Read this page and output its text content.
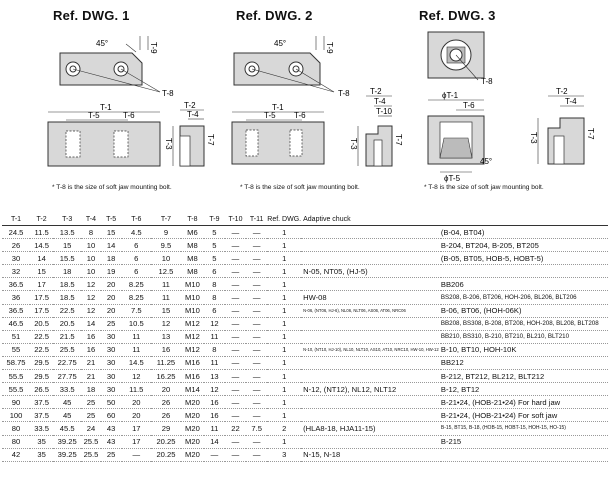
Ref. DWG. 1	Ref. DWG. 2	Ref. DWG. 3
45°	T-9
T-8
T-1
T-5	T-6
T-2
T-4
T-3	T-7
* T-8 is the size of soft jaw mounting bolt.
45°	T-9
T-8
T-1
T-5 T-6
T-2
T-4
T-10
T-3	T-7
* T-8 is the size of soft jaw mounting bolt.
T-8
ϕT-1
T-6
ϕT-5
45°
T-2
T-4
T-3	T-7
* T-8 is the size of soft jaw mounting bolt.
T-1	T-2	T-3	T-4	T-5	T-6	T-7	T-8	T-9	T-10	T-11	Ref. DWG.	Adaptive chuck	
24.5	11.5	13.5	8	15	4.5	9	M6	5	—	—	1		(B-04, BT04)
26	14.5	15	10	14	6	9.5	M8	5	—	—	1		B-204, BT204, B-205, BT205
30	14	15.5	10	18	6	10	M8	5	—	—	1		(B-05, BT05, HOB-5, HOBT-5)
32	15	18	10	19	6	12.5	M8	6	—	—	1	N-05, NT05, (HJ-5)	
36.5	17	18.5	12	20	8.25	11	M10	8	—	—	1		BB206
36	17.5	18.5	12	20	8.25	11	M10	8	—	—	1	HW-08	BS208, B-206, BT206, HOH-206, BL206, BLT206
36.5	17.5	22.5	12	20	7.5	15	M10	6	—	—	1	N-06, (NT06, HJ-6), NL06, NLT06, AS06, AT06, NRC06	B-06, BT06, (HOH-06K)
46.5	20.5	20.5	14	25	10.5	12	M12	12	—	—	1		BB208, BS308, B-208, BT208, HOH-208, BL208, BLT208
51	22.5	21.5	16	30	11	13	M12	11	—	—	1		BB210, BS310, B-210, BT210, BL210, BLT210
55	22.5	25.5	16	30	11	16	M12	8	—	—	1	N-10, (NT10, HJ-10), NL10, NLT10, AS10, AT10, NRC10, HW-10, HW-12	B-10, BT10, HOH-10K
58.75	29.5	22.75	21	30	14.5	11.25	M16	11	—	—	1		BB212
55.5	29.5	27.75	21	30	12	16.25	M16	13	—	—	1		B-212, BT212, BL212, BLT212
55.5	26.5	33.5	18	30	11.5	20	M14	12	—	—	1	N-12, (NT12), NL12, NLT12	B-12, BT12
90	37.5	45	25	50	20	26	M20	16	—	—	1		B-21•24, (HOB-21•24) For hard jaw
100	37.5	45	25	60	20	26	M20	16	—	—	1		B-21•24, (HOB-21•24) For soft jaw
80	33.5	45.5	24	43	17	29	M20	11	22	7.5	2	(HLA8-18, HJA11-15)	B-15, BT15, B-18, (HOB-15, HOBT-15, HOH-15, HO-15)
80	35	39.25	25.5	43	17	20.25	M20	14	—	—	1		B-215
42	35	39.25	25.5	25	—	20.25	M20	—	—	—	3	N-15, N-18	
